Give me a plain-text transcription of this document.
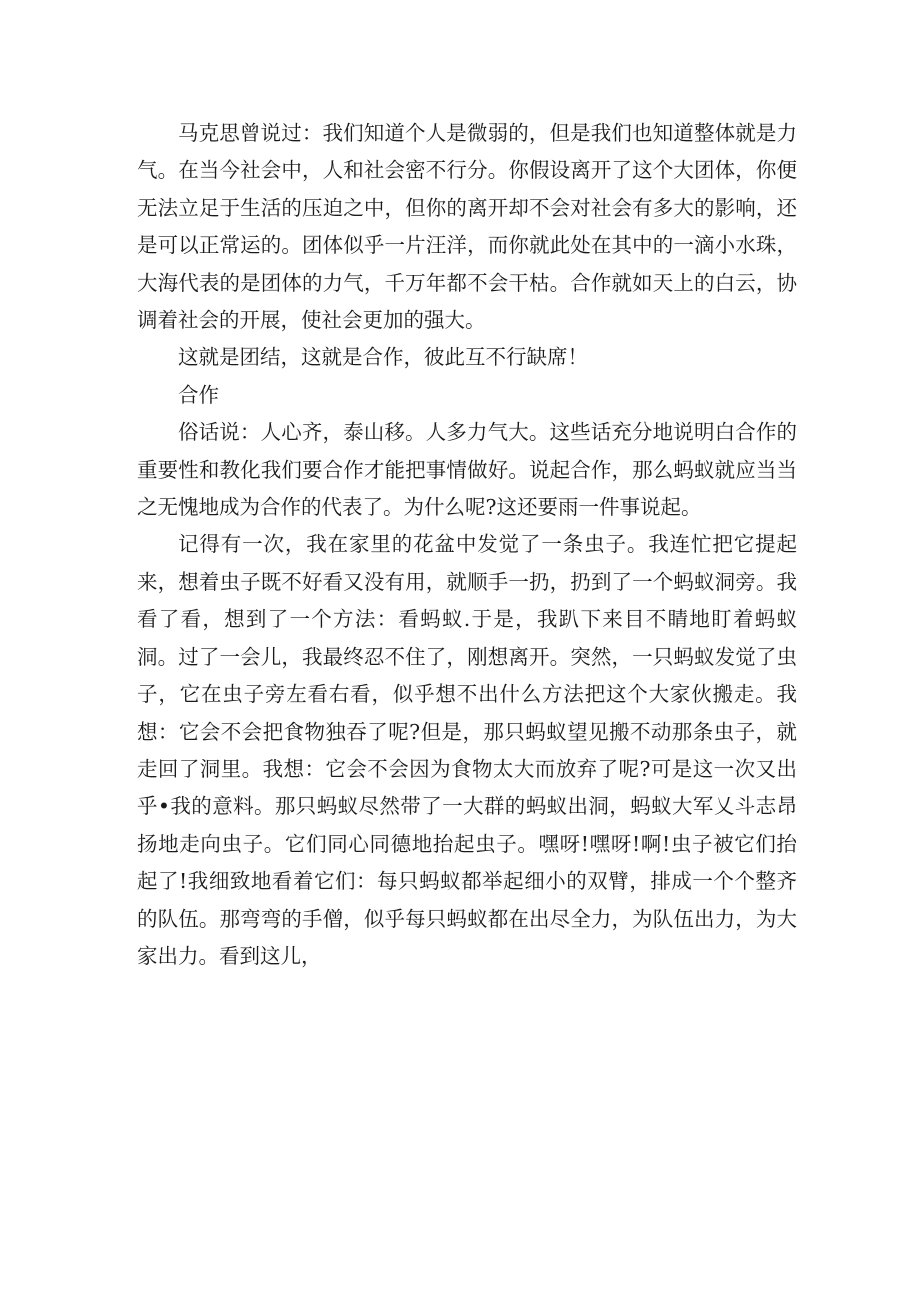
马克思曾说过：我们知道个人是微弱的，但是我们也知道整体就是力气。在当今社会中，人和社会密不行分。你假设离开了这个大团体，你便无法立足于生活的压迫之中，但你的离开却不会对社会有多大的影响，还是可以正常运的。团体似乎一片汪洋，而你就此处在其中的一滴小水珠，大海代表的是团体的力气，千万年都不会干枯。合作就如天上的白云，协调着社会的开展，使社会更加的强大。

这就是团结，这就是合作，彼此互不行缺席！

合作

俗话说：人心齐，泰山移。人多力气大。这些话充分地说明白合作的重要性和教化我们要合作才能把事情做好。说起合作，那么蚂蚁就应当当之无愧地成为合作的代表了。为什么呢?这还要雨一件事说起。

记得有一次，我在家里的花盆中发觉了一条虫子。我连忙把它提起来，想着虫子既不好看又没有用，就顺手一扔，扔到了一个蚂蚁洞旁。我看了看，想到了一个方法：看蚂蚁.于是，我趴下来目不睛地盯着蚂蚁洞。过了一会儿，我最终忍不住了，刚想离开。突然，一只蚂蚁发觉了虫子，它在虫子旁左看右看，似乎想不出什么方法把这个大家伙搬走。我想：它会不会把食物独吞了呢?但是，那只蚂蚁望见搬不动那条虫子，就走回了洞里。我想：它会不会因为食物太大而放弃了呢?可是这一次又出乎•我的意料。那只蚂蚁尽然带了一大群的蚂蚁出洞，蚂蚁大军乂斗志昂扬地走向虫子。它们同心同德地抬起虫子。嘿呀!嘿呀!啊!虫子被它们抬起了!我细致地看着它们：每只蚂蚁都举起细小的双臂，排成一个个整齐的队伍。那弯弯的手僧，似乎每只蚂蚁都在出尽全力，为队伍出力，为大家出力。看到这儿，
